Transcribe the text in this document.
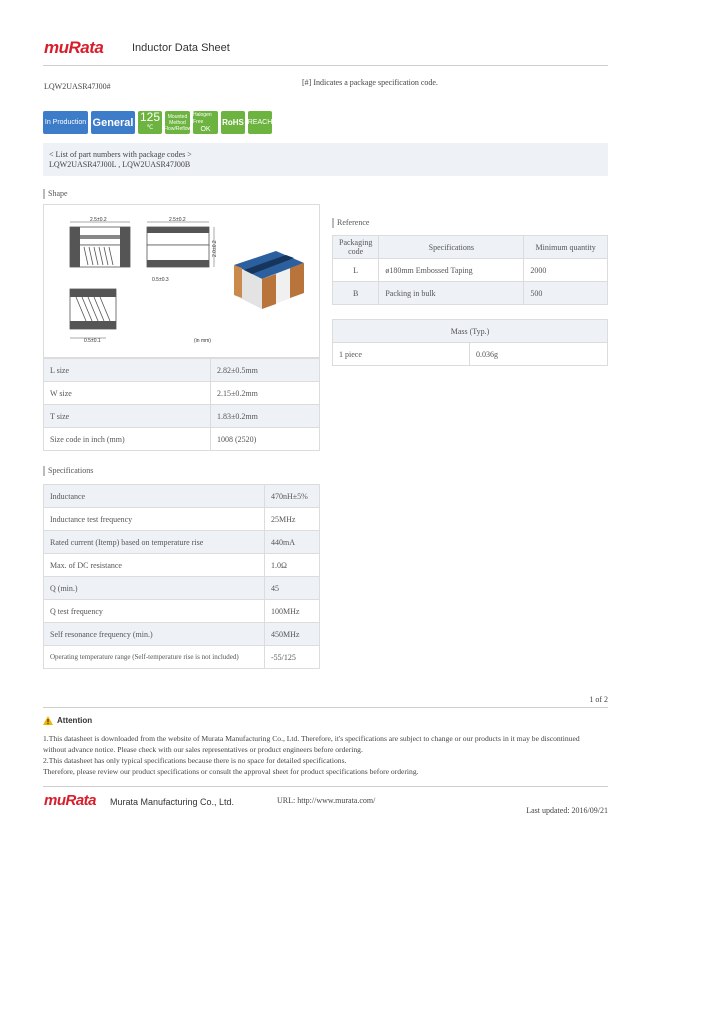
muRata	Inductor Data Sheet
LQW2UASR47J00#	[#] Indicates a package specification code.
In Production General 125
℃
Mounted
Method
Flow/Reflow
Halogen Free
OK
RoHS REACH
< List of part numbers with package codes >
LQW2UASR47J00L , LQW2UASR47J00B
Shape
2.5±0.2	2.5±0.2
2.0±0.2
0.5±0.3
0.5±0.1	(in mm)
L size	2.82±0.5mm
W size	2.15±0.2mm
T size	1.83±0.2mm
Size code in inch (mm)	1008 (2520)
Reference
Packaging code	Specifications	Minimum quantity
L	ø180mm Embossed Taping	2000
B	Packing in bulk	500
Mass (Typ.)
1 piece	0.036g
Specifications
Inductance	470nH±5%
Inductance test frequency	25MHz
Rated current (Itemp) based on temperature rise	440mA
Max. of DC resistance	1.0Ω
Q (min.)	45
Q test frequency	100MHz
Self resonance frequency (min.)	450MHz
Operating temperature range (Self-temperature rise is not included)	-55/125
1 of 2
Attention
1.This datasheet is downloaded from the website of Murata Manufacturing Co., Ltd. Therefore, it's specifications are subject to change or our products in it may be discontinued
without advance notice. Please check with our sales representatives or product engineers before ordering.
2.This datasheet has only typical specifications because there is no space for detailed specifications.
Therefore, please review our product specifications or consult the approval sheet for product specifications before ordering.
muRata Murata Manufacturing Co., Ltd.	URL: http://www.murata.com/
Last updated: 2016/09/21
